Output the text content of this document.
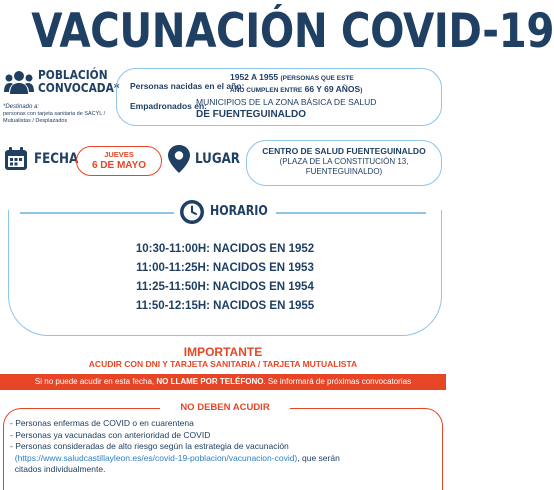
VACUNACIÓN COVID-19
POBLACIÓN CONVOCADA*
*Destinado a:
personas con tarjeta sanitaria de SACYL / Mutualistas / Desplazados
Personas nacidas en el año:
1952 A 1955 (PERSONAS QUE ESTE
AÑO CUMPLEN ENTRE 66 Y 69 AÑOS)
Empadronados en:
MUNICIPIOS DE LA ZONA BÁSICA DE SALUD
DE FUENTEGUINALDO
FECHA	JUEVES
6 DE MAYO	LUGAR	CENTRO DE SALUD FUENTEGUINALDO
(PLAZA DE LA CONSTITUCIÓN 13,
FUENTEGUINALDO)
HORARIO
10:30-11:00H: NACIDOS EN 1952
11:00-11:25H: NACIDOS EN 1953
11:25-11:50H: NACIDOS EN 1954
11:50-12:15H: NACIDOS EN 1955
IMPORTANTE
ACUDIR CON DNI Y TARJETA SANITARIA / TARJETA MUTUALISTA
Si no puede acudir en esta fecha, NO LLAME POR TELÉFONO. Se informará de próximas convocatorias
NO DEBEN ACUDIR
- Personas enfermas de COVID o en cuarentena
- Personas ya vacunadas con anterioridad de COVID
- Personas consideradas de alto riesgo según la estrategia de vacunación
(https://www.saludcastillayleon.es/es/covid-19-poblacion/vacunacion-covid), que serán
citados individualmente.
